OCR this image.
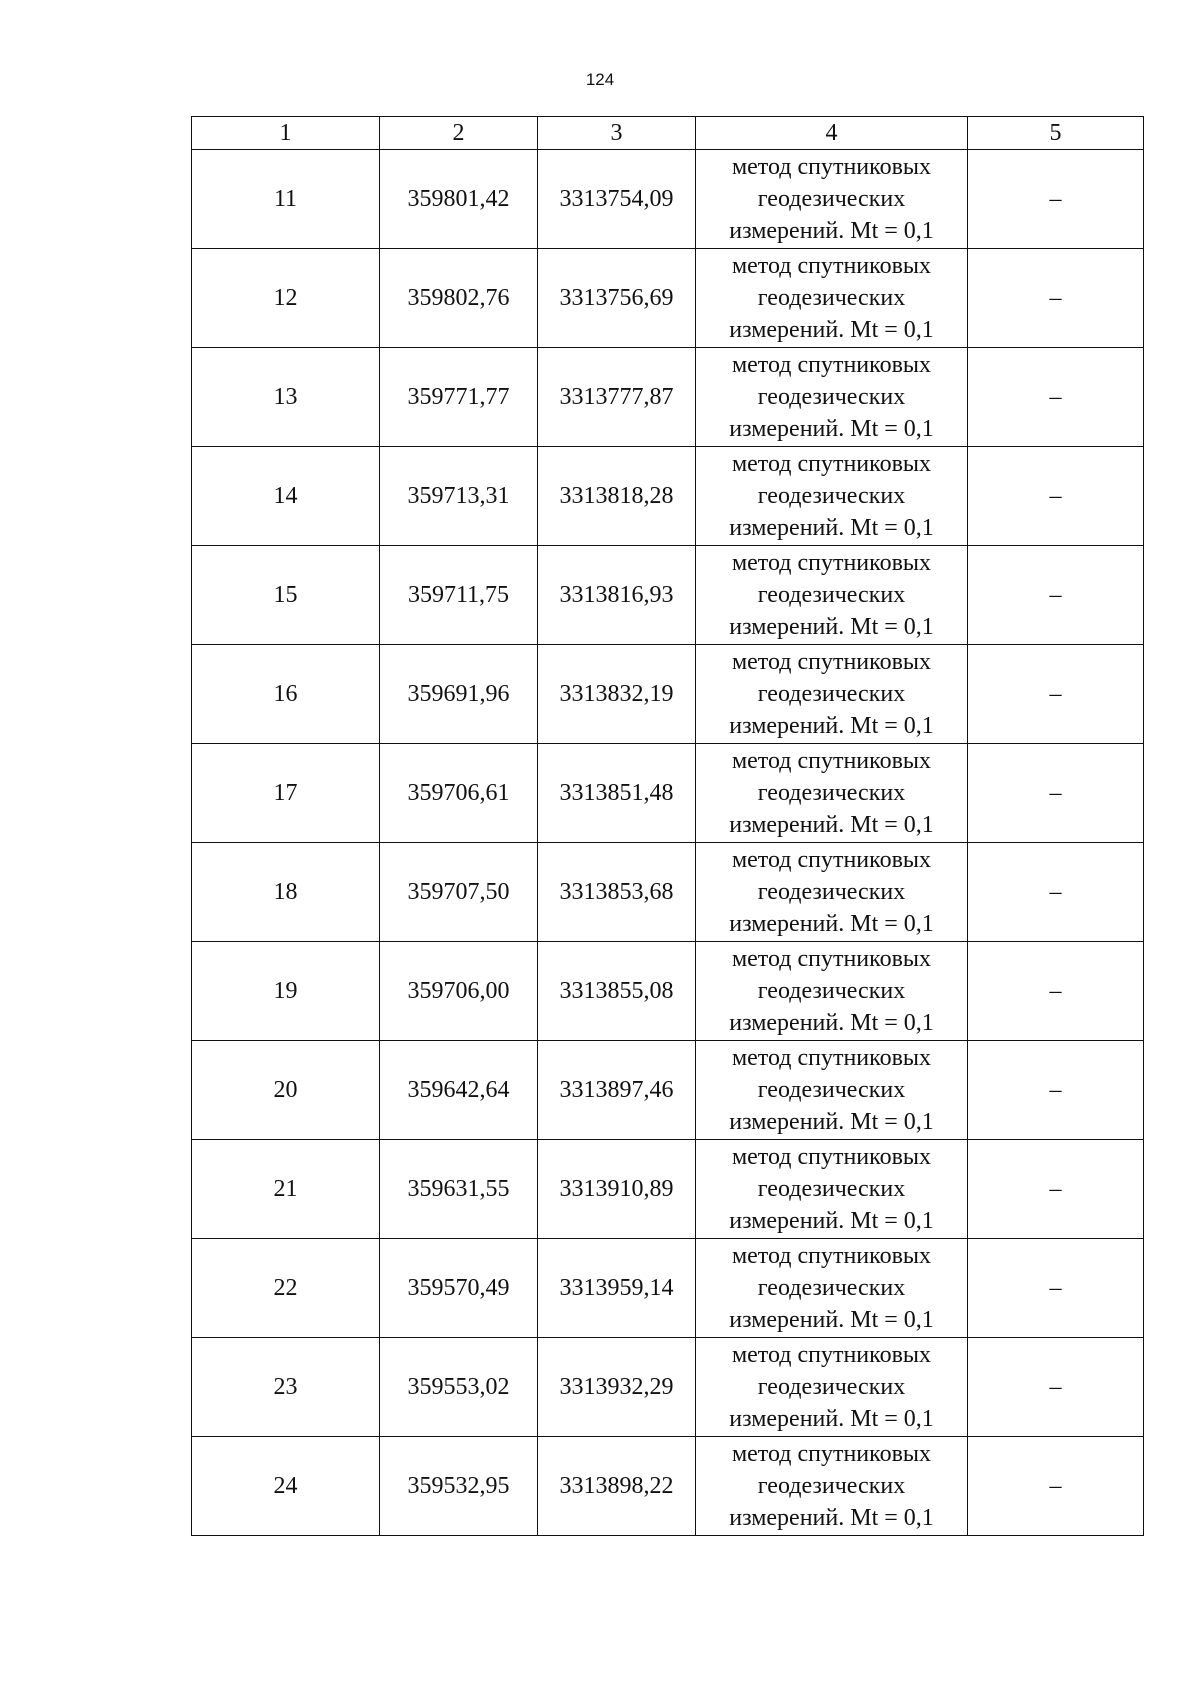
124
1	2	3	4	5
11	359801,42	3313754,09	метод спутниковых
геодезических
измерений. Mt = 0,1	–
12	359802,76	3313756,69	метод спутниковых
геодезических
измерений. Mt = 0,1	–
13	359771,77	3313777,87	метод спутниковых
геодезических
измерений. Mt = 0,1	–
14	359713,31	3313818,28	метод спутниковых
геодезических
измерений. Mt = 0,1	–
15	359711,75	3313816,93	метод спутниковых
геодезических
измерений. Mt = 0,1	–
16	359691,96	3313832,19	метод спутниковых
геодезических
измерений. Mt = 0,1	–
17	359706,61	3313851,48	метод спутниковых
геодезических
измерений. Mt = 0,1	–
18	359707,50	3313853,68	метод спутниковых
геодезических
измерений. Mt = 0,1	–
19	359706,00	3313855,08	метод спутниковых
геодезических
измерений. Mt = 0,1	–
20	359642,64	3313897,46	метод спутниковых
геодезических
измерений. Mt = 0,1	–
21	359631,55	3313910,89	метод спутниковых
геодезических
измерений. Mt = 0,1	–
22	359570,49	3313959,14	метод спутниковых
геодезических
измерений. Mt = 0,1	–
23	359553,02	3313932,29	метод спутниковых
геодезических
измерений. Mt = 0,1	–
24	359532,95	3313898,22	метод спутниковых
геодезических
измерений. Mt = 0,1	–
